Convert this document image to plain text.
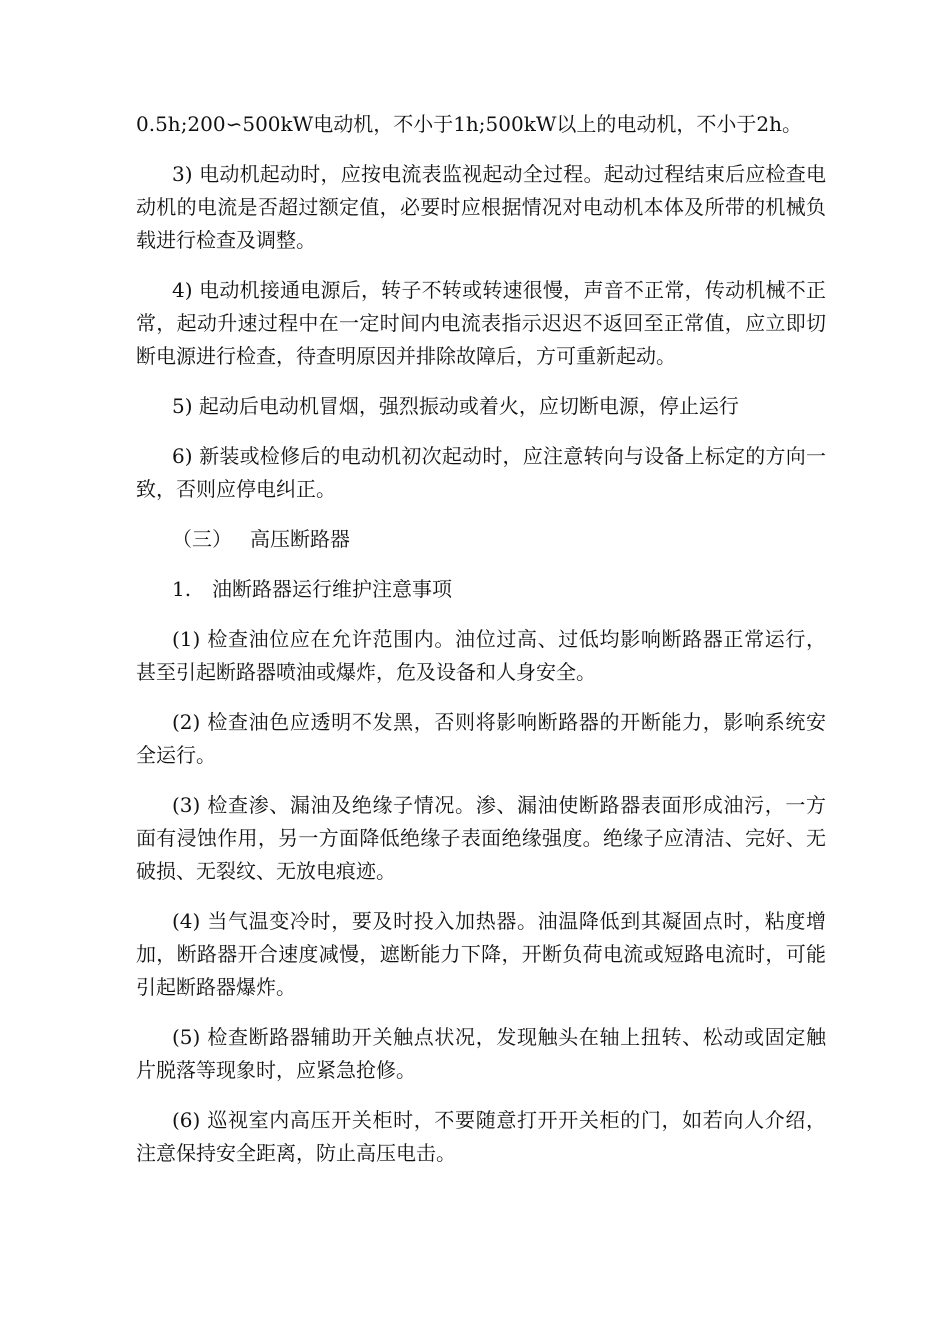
0.5h;200∽500kW电动机，不小于1h;500kW以上的电动机，不小于2h。

3) 电动机起动时，应按电流表监视起动全过程。起动过程结束后应检查电动机的电流是否超过额定值，必要时应根据情况对电动机本体及所带的机械负载进行检查及调整。

4) 电动机接通电源后，转子不转或转速很慢，声音不正常，传动机械不正常，起动升速过程中在一定时间内电流表指示迟迟不返回至正常值，应立即切断电源进行检查，待查明原因并排除故障后，方可重新起动。

5) 起动后电动机冒烟，强烈振动或着火，应切断电源，停止运行

6) 新装或检修后的电动机初次起动时，应注意转向与设备上标定的方向一致，否则应停电纠正。

（三） 高压断路器
1. 油断路器运行维护注意事项

(1) 检查油位应在允许范围内。油位过高、过低均影响断路器正常运行，甚至引起断路器喷油或爆炸，危及设备和人身安全。

(2) 检查油色应透明不发黑，否则将影响断路器的开断能力，影响系统安全运行。

(3) 检查渗、漏油及绝缘子情况。渗、漏油使断路器表面形成油污，一方面有浸蚀作用，另一方面降低绝缘子表面绝缘强度。绝缘子应清洁、完好、无破损、无裂纹、无放电痕迹。

(4) 当气温变冷时，要及时投入加热器。油温降低到其凝固点时，粘度增加，断路器开合速度减慢，遮断能力下降，开断负荷电流或短路电流时，可能引起断路器爆炸。

(5) 检查断路器辅助开关触点状况，发现触头在轴上扭转、松动或固定触片脱落等现象时，应紧急抢修。

(6) 巡视室内高压开关柜时，不要随意打开开关柜的门，如若向人介绍，注意保持安全距离，防止高压电击。
